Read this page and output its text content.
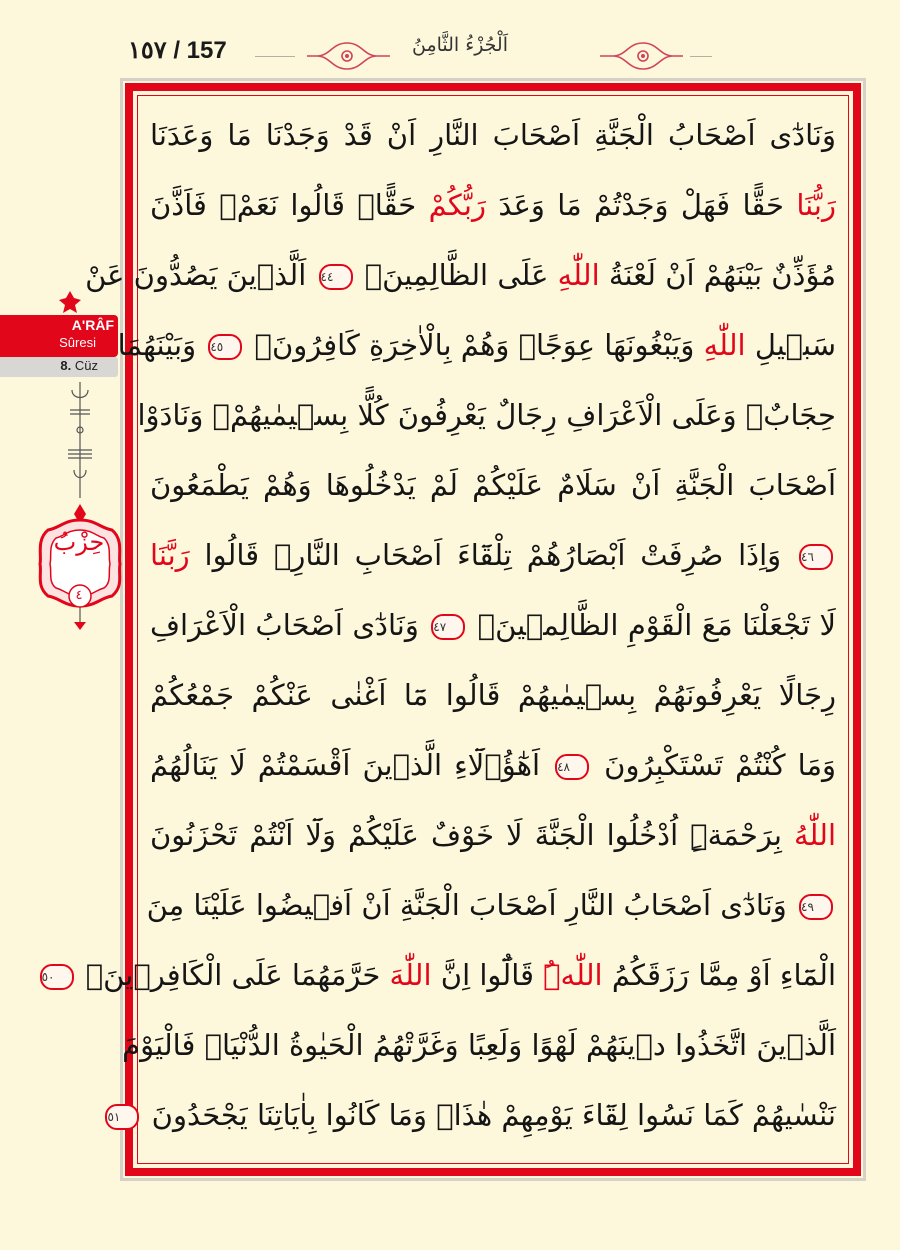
١٥٧ / 157	اَلْجُزْءُ الثَّامِنُ
وَنَادٰٓى اَصْحَابُ الْجَنَّةِ اَصْحَابَ النَّارِ اَنْ قَدْ وَجَدْنَا مَا وَعَدَنَا
رَبُّنَا حَقًّا فَهَلْ وَجَدْتُمْ مَا وَعَدَ رَبُّكُمْ حَقًّاۜ قَالُوا نَعَمْۚ فَاَذَّنَ
مُؤَذِّنٌ بَيْنَهُمْ اَنْ لَعْنَةُ اللّٰهِ عَلَى الظَّالِمِينَۙ ٤٤ اَلَّذ۪ينَ يَصُدُّونَ عَنْ
سَب۪يلِ اللّٰهِ وَيَبْغُونَهَا عِوَجًاۚ وَهُمْ بِالْاٰخِرَةِ كَافِرُونَۘ ٤٥ وَبَيْنَهُمَا
حِجَابٌۚ وَعَلَى الْاَعْرَافِ رِجَالٌ يَعْرِفُونَ كُلًّا بِس۪يمٰيهُمْۚ وَنَادَوْا
اَصْحَابَ الْجَنَّةِ اَنْ سَلَامٌ عَلَيْكُمْ لَمْ يَدْخُلُوهَا وَهُمْ يَطْمَعُونَ
٤٦ وَاِذَا صُرِفَتْ اَبْصَارُهُمْ تِلْقَٓاءَ اَصْحَابِ النَّارِۙ قَالُوا رَبَّنَا
لَا تَجْعَلْنَا مَعَ الْقَوْمِ الظَّالِم۪ينَ۟ ٤٧ وَنَادٰٓى اَصْحَابُ الْاَعْرَافِ
رِجَالًا يَعْرِفُونَهُمْ بِس۪يمٰيهُمْ قَالُوا مَٓا اَغْنٰى عَنْكُمْ جَمْعُكُمْ
وَمَا كُنْتُمْ تَسْتَكْبِرُونَ ٤٨ اَهٰٓؤُ۬لَٓاءِ الَّذ۪ينَ اَقْسَمْتُمْ لَا يَنَالُهُمُ
اللّٰهُ بِرَحْمَةٍۜ اُدْخُلُوا الْجَنَّةَ لَا خَوْفٌ عَلَيْكُمْ وَلَٓا اَنْتُمْ تَحْزَنُونَ
٤٩ وَنَادٰٓى اَصْحَابُ النَّارِ اَصْحَابَ الْجَنَّةِ اَنْ اَف۪يضُوا عَلَيْنَا مِنَ
الْمَٓاءِ اَوْ مِمَّا رَزَقَكُمُ اللّٰهُۜ قَالُٓوا اِنَّ اللّٰهَ حَرَّمَهُمَا عَلَى الْكَافِر۪ينَۙ ٥٠
اَلَّذ۪ينَ اتَّخَذُوا د۪ينَهُمْ لَهْوًا وَلَعِبًا وَغَرَّتْهُمُ الْحَيٰوةُ الدُّنْيَاۚ فَالْيَوْمَ
نَنْسٰيهُمْ كَمَا نَسُوا لِقَٓاءَ يَوْمِهِمْ هٰذَاۙ وَمَا كَانُوا بِاٰيَاتِنَا يَجْحَدُونَ ٥١
A'RÂF
Sûresi
8. Cüz
حِزْبُ
٤
